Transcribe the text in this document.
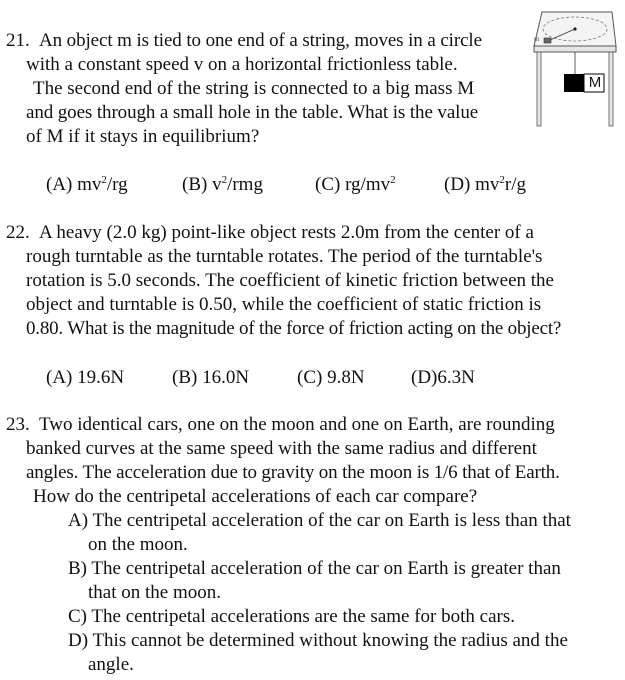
21. An object m is tied to one end of a string, moves in a circle
with a constant speed v on a horizontal frictionless table.
The second end of the string is connected to a big mass M
and goes through a small hole in the table. What is the value
of M if it stays in equilibrium?
(A) $mv^2/rg$	(B) $v^2$/rmg	(C) $rg/mv^2$	(D) $mv^2r/g$
m
M
22. A heavy (2.0 kg) point-like object rests 2.0m from the center of a
rough turntable as the turntable rotates. The period of the turntable's
rotation is 5.0 seconds. The coefficient of kinetic friction between the
object and turntable is 0.50, while the coefficient of static friction is
0.80. What is the magnitude of the force of friction acting on the object?
(A) 19.6N	(B) 16.0N	(C) 9.8N (D)6.3N
23. Two identical cars, one on the moon and one on Earth, are rounding
banked curves at the same speed with the same radius and different
angles. The acceleration due to gravity on the moon is 1/6 that of Earth.
How do the centripetal accelerations of each car compare?
A) The centripetal acceleration of the car on Earth is less than that
on the moon.
B) The centripetal acceleration of the car on Earth is greater than
that on the moon.
C) The centripetal accelerations are the same for both cars.
D) This cannot be determined without knowing the radius and the
angle.
